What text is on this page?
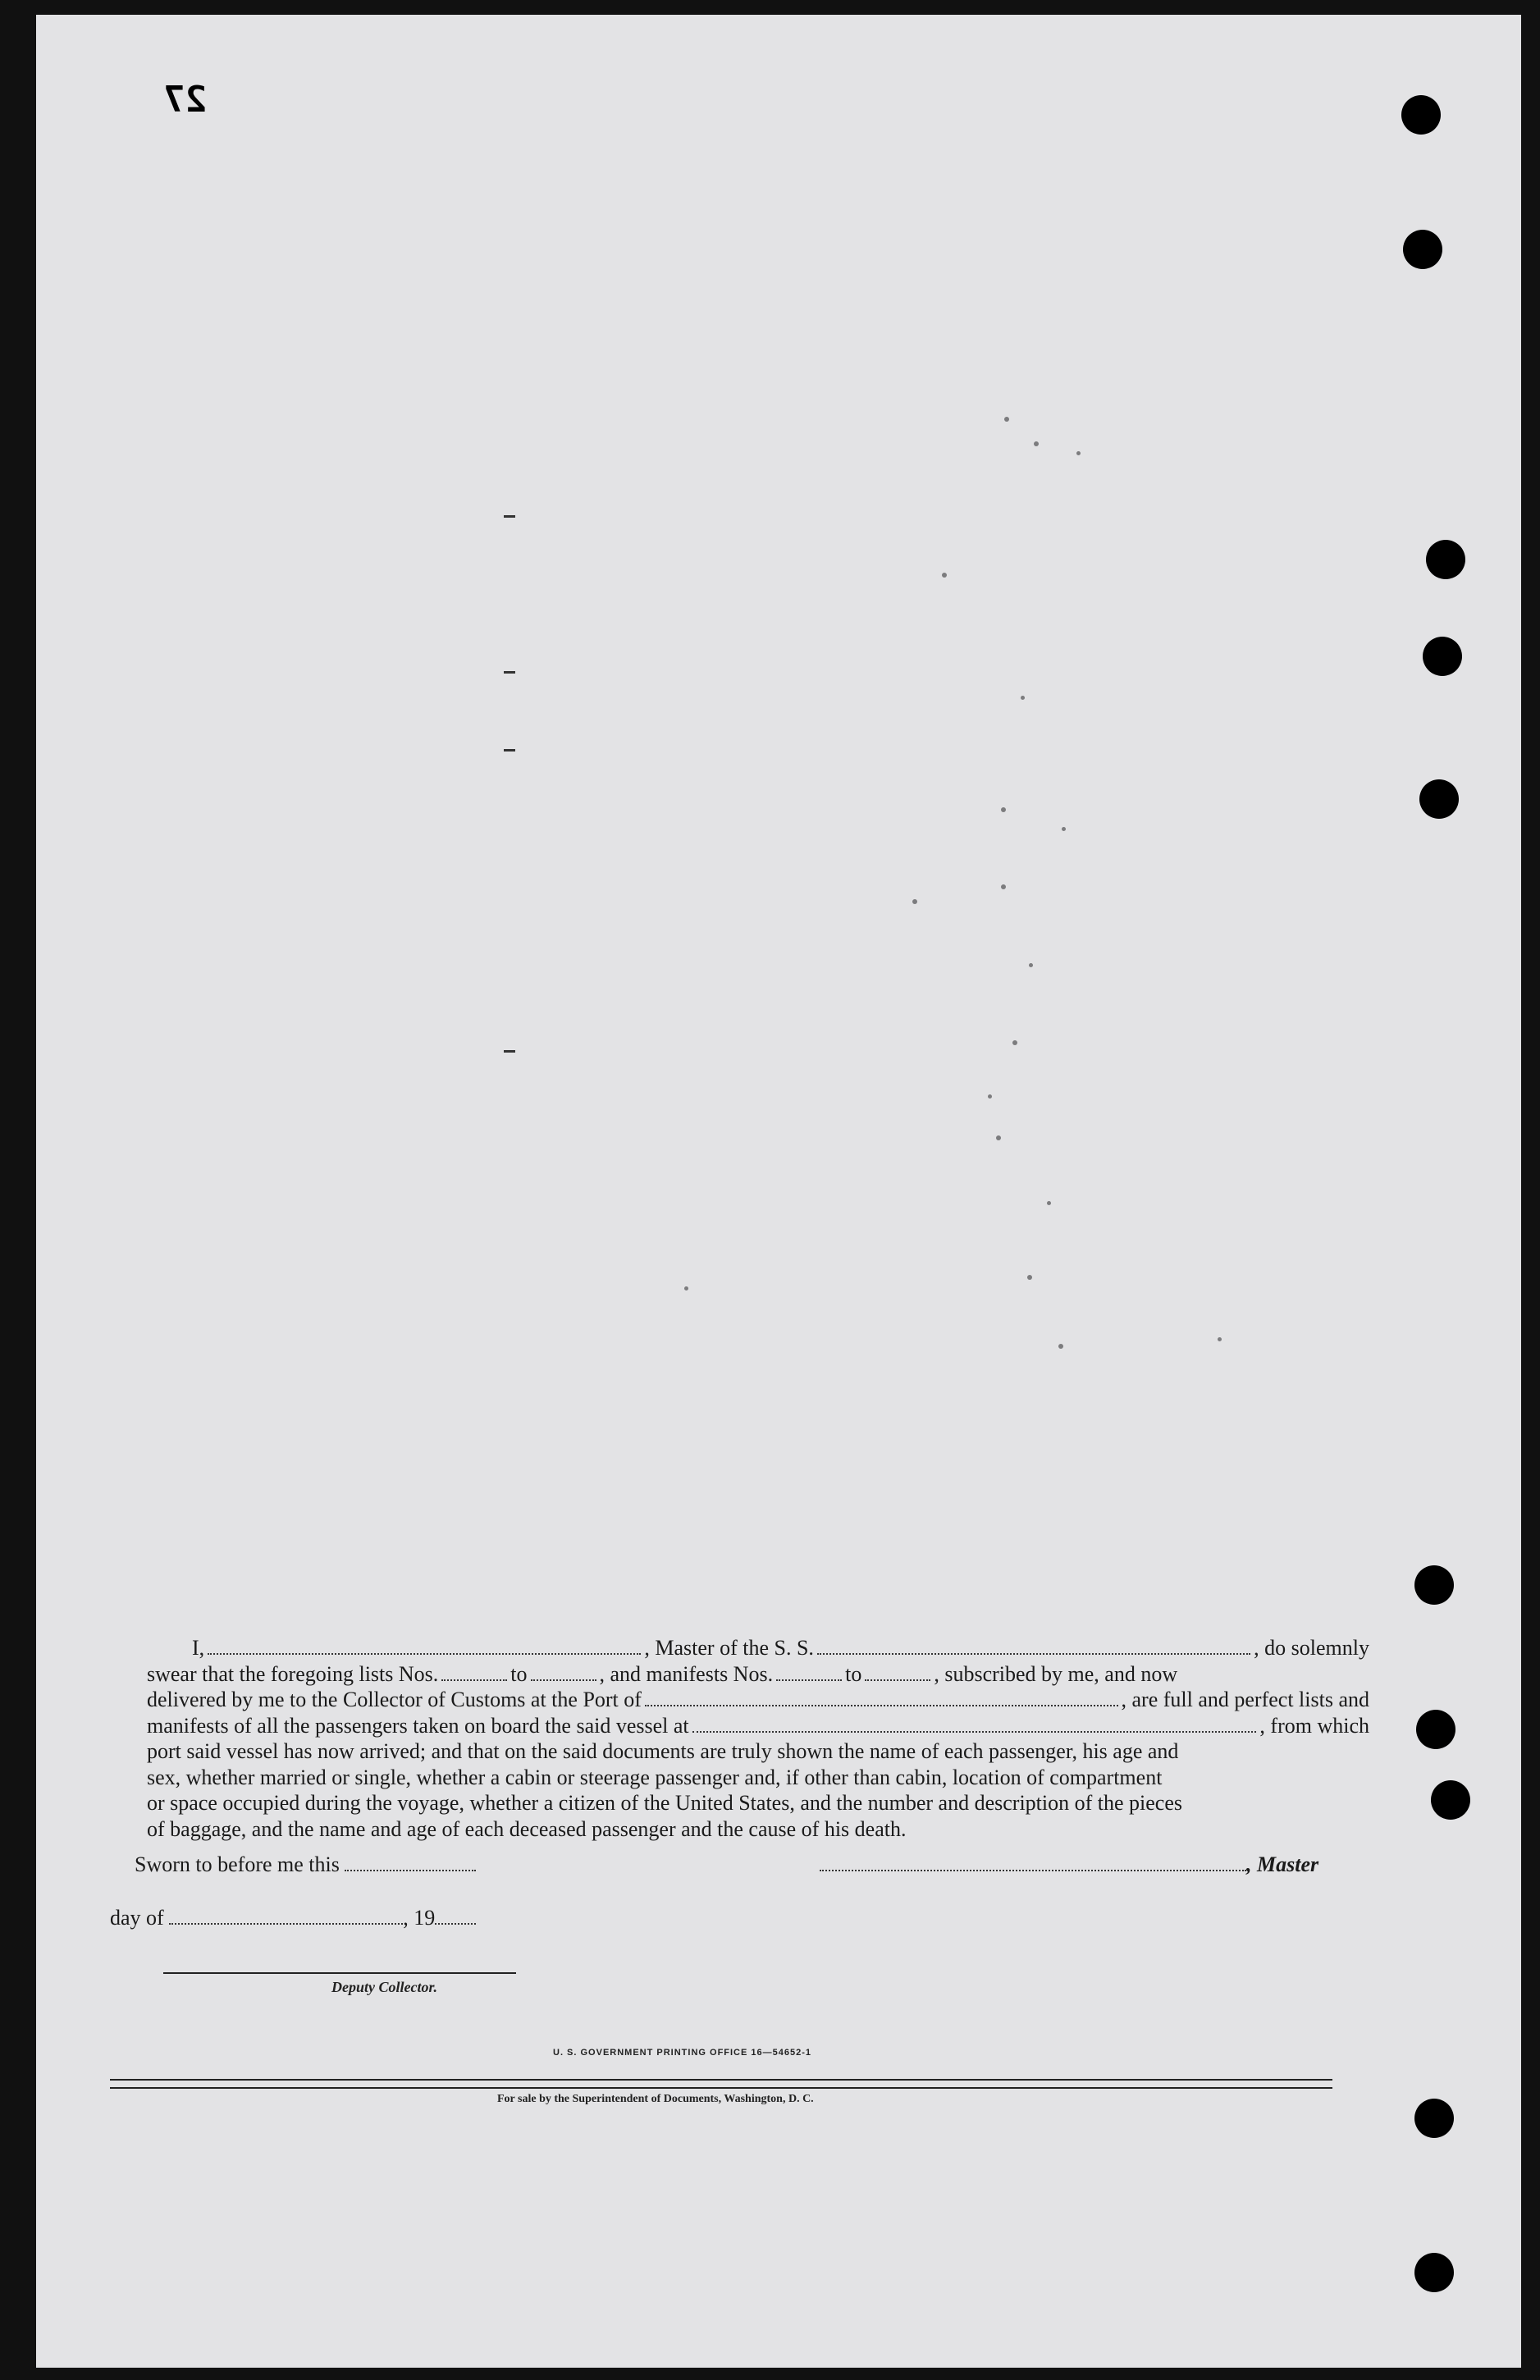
27
I,	, Master of the S. S.	, do solemnly
swear that the foregoing lists Nos.	to	, and manifests Nos.	to	, subscribed by me, and now
delivered by me to the Collector of Customs at the Port of	, are full and perfect lists and
manifests of all the passengers taken on board the said vessel at	, from which
port said vessel has now arrived; and that on the said documents are truly shown the name of each passenger, his age and
sex, whether married or single, whether a cabin or steerage passenger and, if other than cabin, location of compartment
or space occupied during the voyage, whether a citizen of the United States, and the number and description of the pieces
of baggage, and the name and age of each deceased passenger and the cause of his death.
Sworn to before me this	, Master
day of	, 19
Deputy Collector.
U. S. GOVERNMENT PRINTING OFFICE 16—54652-1
For sale by the Superintendent of Documents, Washington, D. C.
